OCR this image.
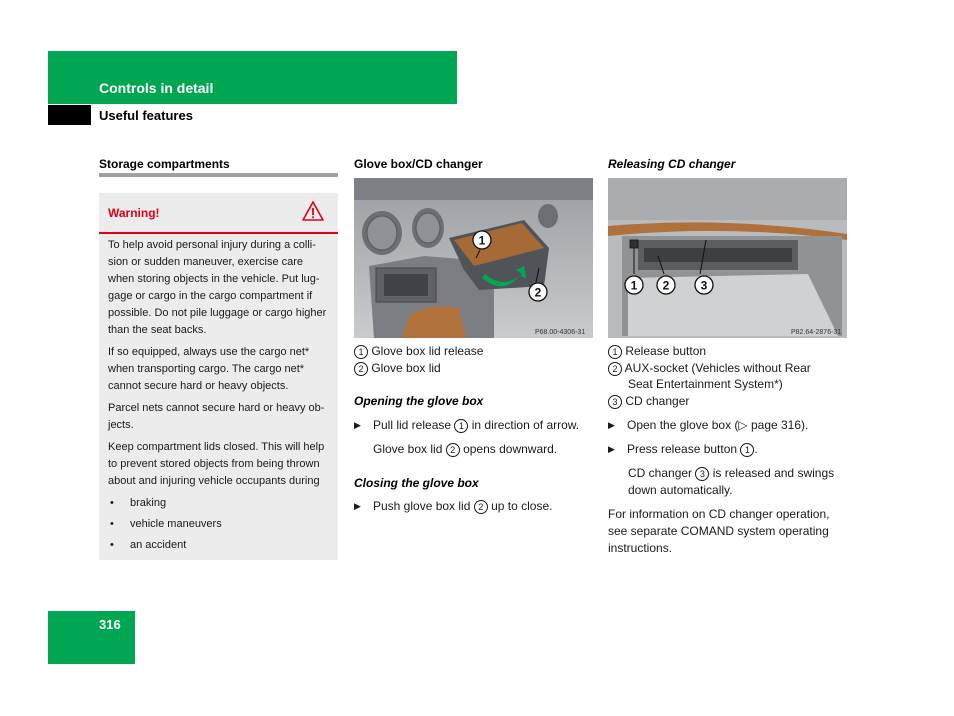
Controls in detail
Useful features
Storage compartments
Warning!
To help avoid personal injury during a colli-
sion or sudden maneuver, exercise care
when storing objects in the vehicle. Put lug-
gage or cargo in the cargo compartment if
possible. Do not pile luggage or cargo higher
than the seat backs.
If so equipped, always use the cargo net*
when transporting cargo. The cargo net*
cannot secure hard or heavy objects.
Parcel nets cannot secure hard or heavy ob-
jects.
Keep compartment lids closed. This will help
to prevent stored objects from being thrown
about and injuring vehicle occupants during
• braking
• vehicle maneuvers
• an accident
Glove box/CD changer
1
2
P68.00-4306-31
1 Glove box lid release
2 Glove box lid
Opening the glove box
▶ Pull lid release 1 in direction of arrow.
Glove box lid 2 opens downward.
Closing the glove box
▶ Push glove box lid 2 up to close.
Releasing CD changer
1 2	3
P82.64-2876-31
1 Release button
2 AUX-socket (Vehicles without Rear
Seat Entertainment System*)
3 CD changer
▶ Open the glove box (▷ page 316).
▶ Press release button 1 .
CD changer 3 is released and swings
down automatically.
For information on CD changer operation,
see separate COMAND system operating
instructions.
316
